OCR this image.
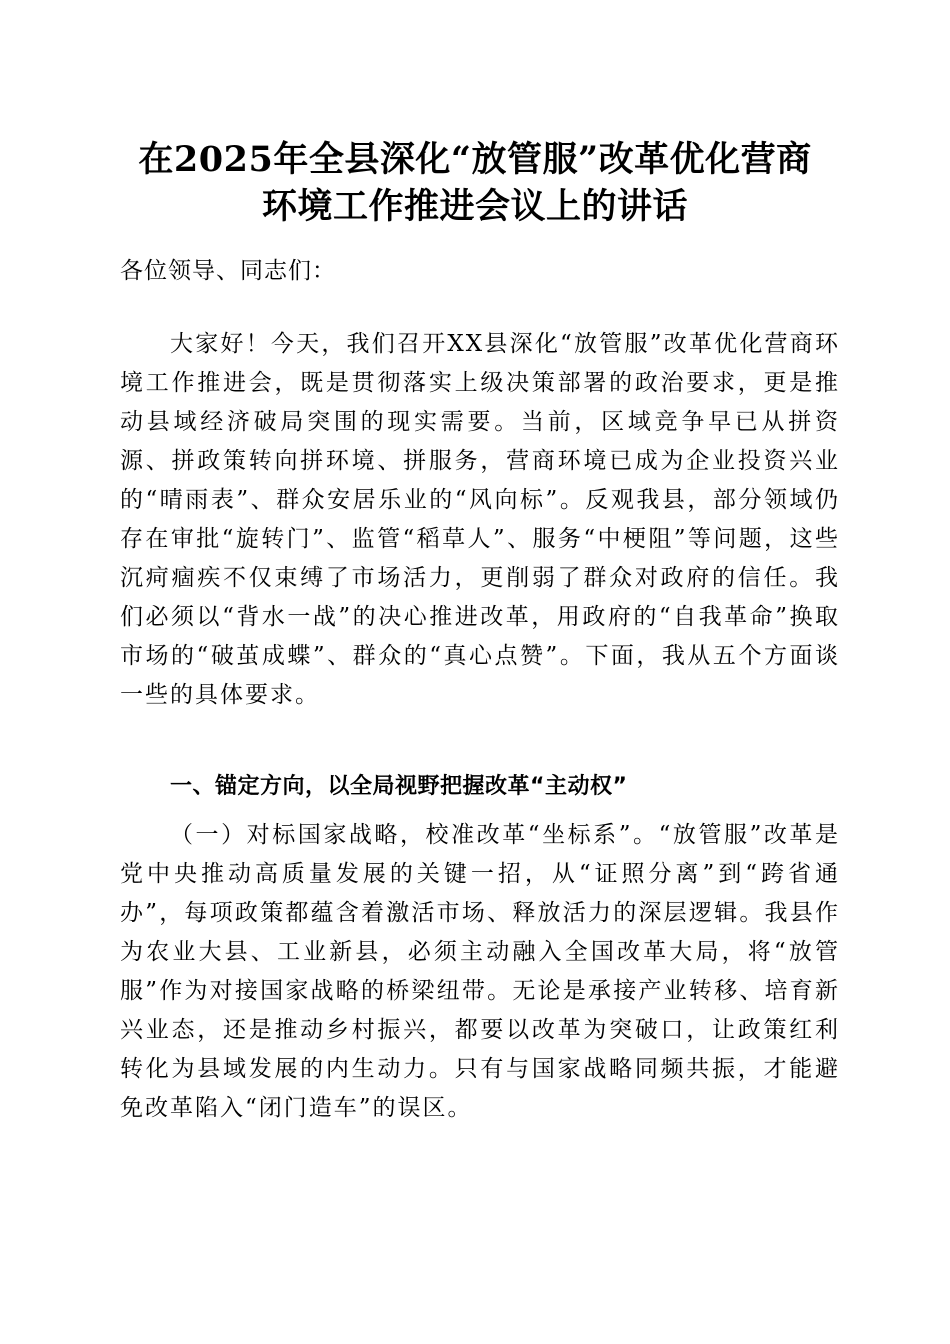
在2025年全县深化“放管服”改革优化营商
环境工作推进会议上的讲话

各位领导、同志们：

大家好！今天，我们召开XX县深化“放管服”改革优化营商环境工作推进会，既是贯彻落实上级决策部署的政治要求，更是推动县域经济破局突围的现实需要。当前，区域竞争早已从拼资源、拼政策转向拼环境、拼服务，营商环境已成为企业投资兴业的“晴雨表”、群众安居乐业的“风向标”。反观我县，部分领域仍存在审批“旋转门”、监管“稻草人”、服务“中梗阻”等问题，这些沉疴痼疾不仅束缚了市场活力，更削弱了群众对政府的信任。我们必须以“背水一战”的决心推进改革，用政府的“自我革命”换取市场的“破茧成蝶”、群众的“真心点赞”。下面，我从五个方面谈一些的具体要求。

一、锚定方向，以全局视野把握改革“主动权”

（一）对标国家战略，校准改革“坐标系”。“放管服”改革是党中央推动高质量发展的关键一招，从“证照分离”到“跨省通办”，每项政策都蕴含着激活市场、释放活力的深层逻辑。我县作为农业大县、工业新县，必须主动融入全国改革大局，将“放管服”作为对接国家战略的桥梁纽带。无论是承接产业转移、培育新兴业态，还是推动乡村振兴，都要以改革为突破口，让政策红利转化为县域发展的内生动力。只有与国家战略同频共振，才能避免改革陷入“闭门造车”的误区。
